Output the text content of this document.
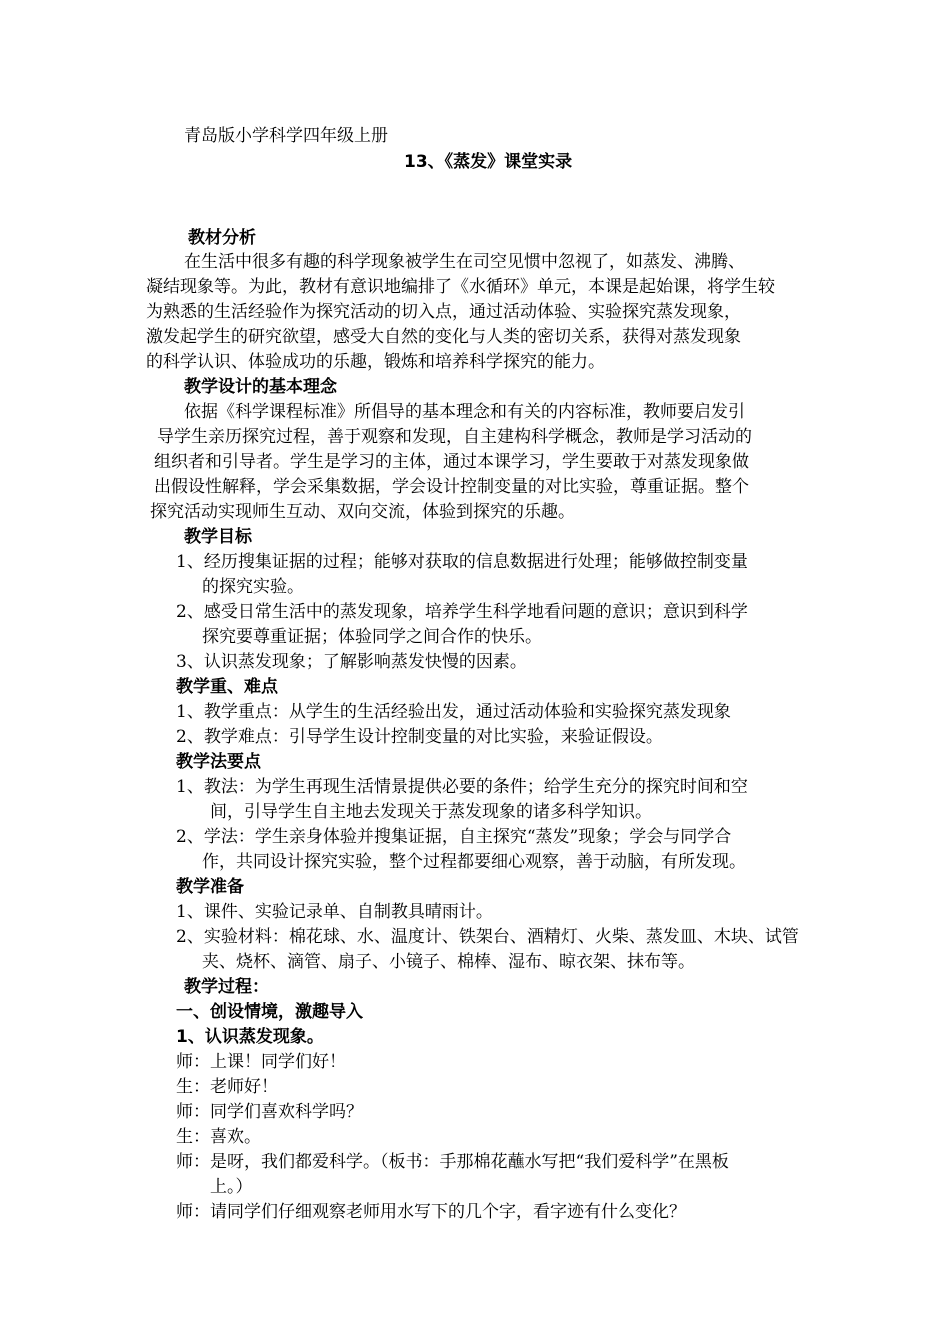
青岛版小学科学四年级上册
13、《蒸发》课堂实录
教材分析
在生活中很多有趣的科学现象被学生在司空见惯中忽视了，如蒸发、沸腾、
凝结现象等。为此，教材有意识地编排了《水循环》单元，本课是起始课，将学生较
为熟悉的生活经验作为探究活动的切入点，通过活动体验、实验探究蒸发现象，
激发起学生的研究欲望，感受大自然的变化与人类的密切关系，获得对蒸发现象
的科学认识、体验成功的乐趣，锻炼和培养科学探究的能力。
教学设计的基本理念
依据《科学课程标准》所倡导的基本理念和有关的内容标准，教师要启发引
导学生亲历探究过程，善于观察和发现，自主建构科学概念，教师是学习活动的
组织者和引导者。学生是学习的主体，通过本课学习，学生要敢于对蒸发现象做
出假设性解释，学会采集数据，学会设计控制变量的对比实验，尊重证据。整个
探究活动实现师生互动、双向交流，体验到探究的乐趣。
教学目标
1、经历搜集证据的过程；能够对获取的信息数据进行处理；能够做控制变量
的探究实验。
2、感受日常生活中的蒸发现象，培养学生科学地看问题的意识；意识到科学
探究要尊重证据；体验同学之间合作的快乐。
3、认识蒸发现象；了解影响蒸发快慢的因素。
教学重、难点
1、教学重点：从学生的生活经验出发，通过活动体验和实验探究蒸发现象
2、教学难点：引导学生设计控制变量的对比实验，来验证假设。
教学法要点
1、教法：为学生再现生活情景提供必要的条件；给学生充分的探究时间和空
间，引导学生自主地去发现关于蒸发现象的诸多科学知识。
2、学法：学生亲身体验并搜集证据，自主探究“蒸发”现象；学会与同学合
作，共同设计探究实验，整个过程都要细心观察，善于动脑，有所发现。
教学准备
1、课件、实验记录单、自制教具晴雨计。
2、实验材料：棉花球、水、温度计、铁架台、酒精灯、火柴、蒸发皿、木块、试管
夹、烧杯、滴管、扇子、小镜子、棉棒、湿布、晾衣架、抹布等。
教学过程：
一、创设情境，激趣导入
1、认识蒸发现象。
师：上课！同学们好！
生：老师好！
师：同学们喜欢科学吗？
生：喜欢。
师：是呀，我们都爱科学。（板书：手那棉花蘸水写把“我们爱科学”在黑板
上。）
师：请同学们仔细观察老师用水写下的几个字，看字迹有什么变化？
